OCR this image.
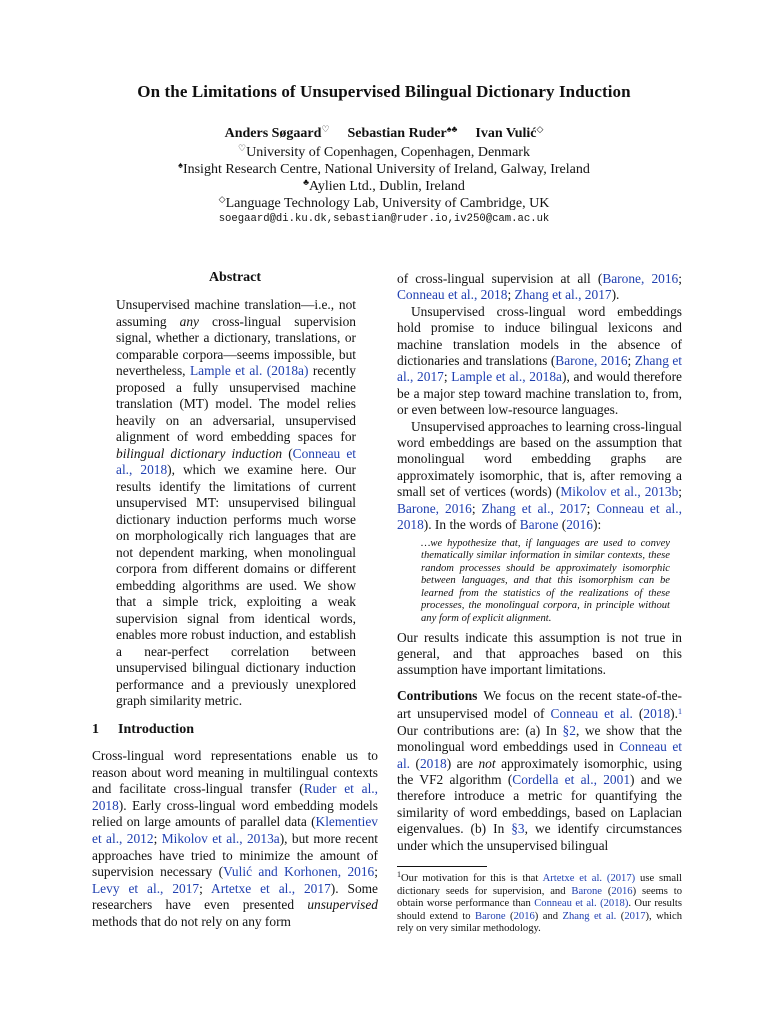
On the Limitations of Unsupervised Bilingual Dictionary Induction
Anders Søgaard♡ Sebastian Ruder♠♣ Ivan Vulić◇
♡University of Copenhagen, Copenhagen, Denmark
♠Insight Research Centre, National University of Ireland, Galway, Ireland
♣Aylien Ltd., Dublin, Ireland
◇Language Technology Lab, University of Cambridge, UK
soegaard@di.ku.dk,sebastian@ruder.io,iv250@cam.ac.uk
Abstract
Unsupervised machine translation—i.e., not assuming any cross-lingual supervision signal, whether a dictionary, translations, or comparable corpora—seems impossible, but nevertheless, Lample et al. (2018a) recently proposed a fully unsupervised machine translation (MT) model. The model relies heavily on an adversarial, unsupervised alignment of word embedding spaces for bilingual dictionary induction (Conneau et al., 2018), which we examine here. Our results identify the limitations of current unsupervised MT: unsupervised bilingual dictionary induction performs much worse on morphologically rich languages that are not dependent marking, when monolingual corpora from different domains or different embedding algorithms are used. We show that a simple trick, exploiting a weak supervision signal from identical words, enables more robust induction, and establish a near-perfect correlation between unsupervised bilingual dictionary induction performance and a previously unexplored graph similarity metric.
1 Introduction
Cross-lingual word representations enable us to reason about word meaning in multilingual contexts and facilitate cross-lingual transfer (Ruder et al., 2018). Early cross-lingual word embedding models relied on large amounts of parallel data (Klementiev et al., 2012; Mikolov et al., 2013a), but more recent approaches have tried to minimize the amount of supervision necessary (Vulić and Korhonen, 2016; Levy et al., 2017; Artetxe et al., 2017). Some researchers have even presented unsupervised methods that do not rely on any form

of cross-lingual supervision at all (Barone, 2016; Conneau et al., 2018; Zhang et al., 2017).

Unsupervised cross-lingual word embeddings hold promise to induce bilingual lexicons and machine translation models in the absence of dictionaries and translations (Barone, 2016; Zhang et al., 2017; Lample et al., 2018a), and would therefore be a major step toward machine translation to, from, or even between low-resource languages.

Unsupervised approaches to learning cross-lingual word embeddings are based on the assumption that monolingual word embedding graphs are approximately isomorphic, that is, after removing a small set of vertices (words) (Mikolov et al., 2013b; Barone, 2016; Zhang et al., 2017; Conneau et al., 2018). In the words of Barone (2016):

…we hypothesize that, if languages are used to convey thematically similar information in similar contexts, these random processes should be approximately isomorphic between languages, and that this isomorphism can be learned from the statistics of the realizations of these processes, the monolingual corpora, in principle without any form of explicit alignment.

Our results indicate this assumption is not true in general, and that approaches based on this assumption have important limitations.

Contributions We focus on the recent state-of-the-art unsupervised model of Conneau et al. (2018).$^1$ Our contributions are: (a) In §2, we show that the monolingual word embeddings used in Conneau et al. (2018) are not approximately isomorphic, using the VF2 algorithm (Cordella et al., 2001) and we therefore introduce a metric for quantifying the similarity of word embeddings, based on Laplacian eigenvalues. (b) In §3, we identify circumstances under which the unsupervised bilingual

$^1$Our motivation for this is that Artetxe et al. (2017) use small dictionary seeds for supervision, and Barone (2016) seems to obtain worse performance than Conneau et al. (2018). Our results should extend to Barone (2016) and Zhang et al. (2017), which rely on very similar methodology.
